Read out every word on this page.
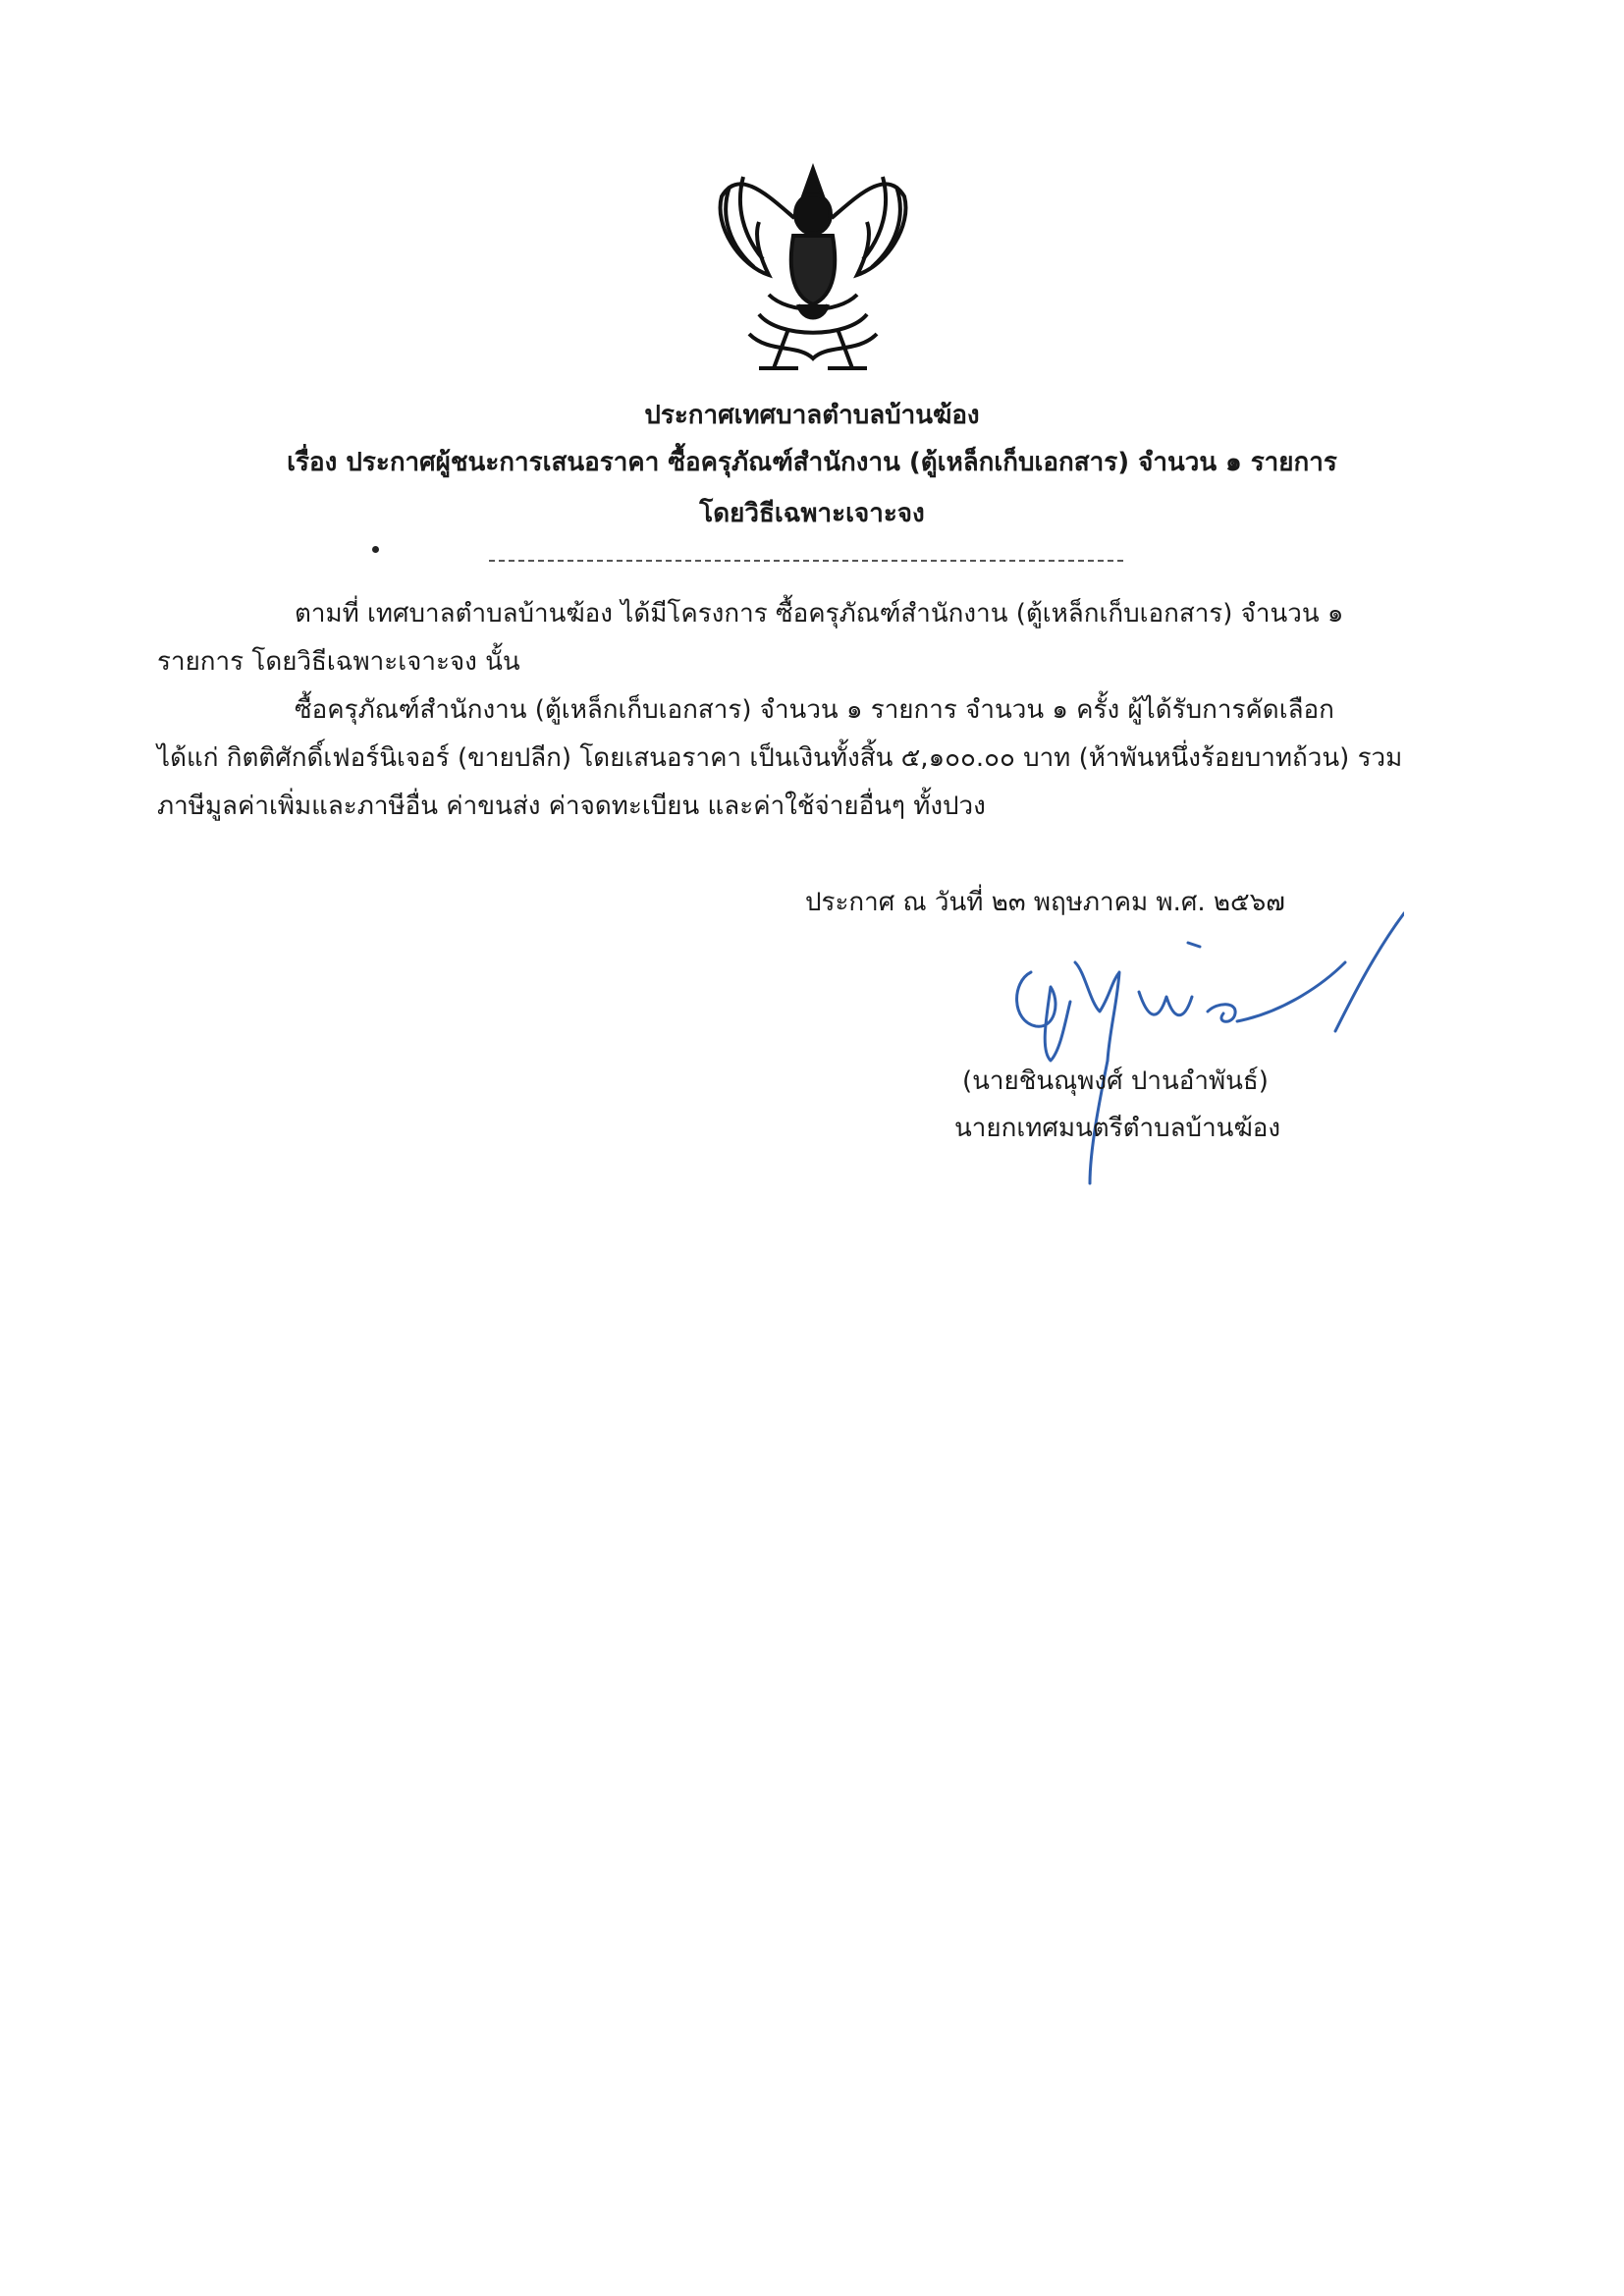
ประกาศเทศบาลตำบลบ้านฆ้อง
เรื่อง ประกาศผู้ชนะการเสนอราคา ซื้อครุภัณฑ์สำนักงาน (ตู้เหล็กเก็บเอกสาร) จำนวน ๑ รายการ
โดยวิธีเฉพาะเจาะจง
ตามที่ เทศบาลตำบลบ้านฆ้อง ได้มีโครงการ ซื้อครุภัณฑ์สำนักงาน (ตู้เหล็กเก็บเอกสาร) จำนวน ๑
รายการ โดยวิธีเฉพาะเจาะจง นั้น
ซื้อครุภัณฑ์สำนักงาน (ตู้เหล็กเก็บเอกสาร) จำนวน ๑ รายการ จำนวน ๑ ครั้ง ผู้ได้รับการคัดเลือก
ได้แก่ กิตติศักดิ์เฟอร์นิเจอร์ (ขายปลีก) โดยเสนอราคา เป็นเงินทั้งสิ้น ๕,๑๐๐.๐๐ บาท (ห้าพันหนึ่งร้อยบาทถ้วน) รวม
ภาษีมูลค่าเพิ่มและภาษีอื่น ค่าขนส่ง ค่าจดทะเบียน และค่าใช้จ่ายอื่นๆ ทั้งปวง
ประกาศ ณ วันที่ ๒๓ พฤษภาคม พ.ศ. ๒๕๖๗
(นายชินณุพงศ์ ปานอำพันธ์)
นายกเทศมนตรีตำบลบ้านฆ้อง
